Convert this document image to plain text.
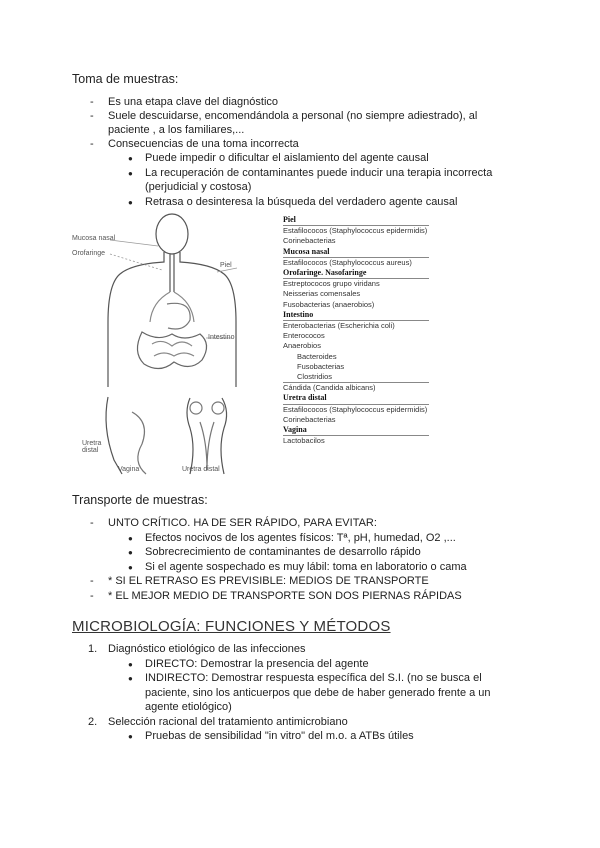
Toma de muestras:
- Es una etapa clave del diagnóstico
- Suele descuidarse, encomendándola a personal (no siempre adiestrado), al
paciente , a los familiares,...
- Consecuencias de una toma incorrecta
● Puede impedir o dificultar el aislamiento del agente causal
● La recuperación de contaminantes puede inducir una terapia incorrecta
(perjudicial y costosa)
● Retrasa o desinteresa la búsqueda del verdadero agente causal
Mucosa nasal
Orofaringe
Piel
Intestino
Uretra distal
Vagina	Uretra distal
Piel
Estafilococos (Staphylococcus epidermidis)
Corinebacterias
Mucosa nasal
Estafilococos (Staphylococcus aureus)
Orofaringe. Nasofaringe
Estreptococos grupo viridans
Neisserias comensales
Fusobacterias (anaerobios)
Intestino
Enterobacterias (Escherichia coli)
Enterococos
Anaerobios
Bacteroides
Fusobacterias
Clostridios
Cándida (Candida albicans)
Uretra distal
Estafilococos (Staphylococcus epidermidis)
Corinebacterias
Vagina
Lactobacilos
Transporte de muestras:
- UNTO CRÍTICO. HA DE SER RÁPIDO, PARA EVITAR:
● Efectos nocivos de los agentes físicos: Tª, pH, humedad, O2 ,...
● Sobrecrecimiento de contaminantes de desarrollo rápido
● Si el agente sospechado es muy lábil: toma en laboratorio o cama
- * SI EL RETRASO ES PREVISIBLE: MEDIOS DE TRANSPORTE
- * EL MEJOR MEDIO DE TRANSPORTE SON DOS PIERNAS RÁPIDAS
MICROBIOLOGÍA: FUNCIONES Y MÉTODOS
1. Diagnóstico etiológico de las infecciones
● DIRECTO: Demostrar la presencia del agente
● INDIRECTO: Demostrar respuesta específica del S.I. (no se busca el
paciente, sino los anticuerpos que debe de haber generado frente a un
agente etiológico)
2. Selección racional del tratamiento antimicrobiano
● Pruebas de sensibilidad "in vitro" del m.o. a ATBs útiles
